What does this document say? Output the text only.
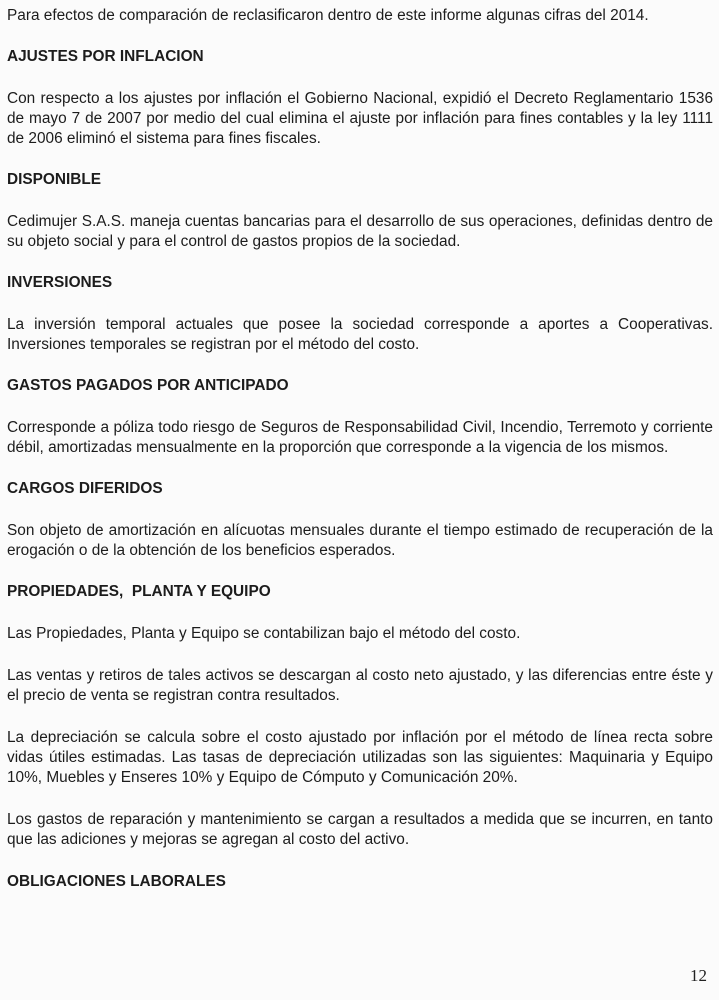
Para efectos de comparación de reclasificaron dentro de este informe algunas cifras del 2014.

AJUSTES POR INFLACION

Con respecto a los ajustes por inflación el Gobierno Nacional, expidió el Decreto Reglamentario 1536 de mayo 7 de 2007 por medio del cual elimina el ajuste por inflación para fines contables y la ley 1111 de 2006 eliminó el sistema para fines fiscales.

DISPONIBLE

Cedimujer S.A.S. maneja cuentas bancarias para el desarrollo de sus operaciones, definidas dentro de su objeto social y para el control de gastos propios de la sociedad.

INVERSIONES

La inversión temporal actuales que posee la sociedad corresponde a aportes a Cooperativas. Inversiones temporales se registran por el método del costo.

GASTOS PAGADOS POR ANTICIPADO

Corresponde a póliza todo riesgo de Seguros de Responsabilidad Civil, Incendio, Terremoto y corriente débil, amortizadas mensualmente en la proporción que corresponde a la vigencia de los mismos.

CARGOS DIFERIDOS

Son objeto de amortización en alícuotas mensuales durante el tiempo estimado de recuperación de la erogación o de la obtención de los beneficios esperados.

PROPIEDADES,  PLANTA Y EQUIPO

Las Propiedades, Planta y Equipo se contabilizan bajo el método del costo.

Las ventas y retiros de tales activos se descargan al costo neto ajustado, y las diferencias entre éste y el precio de venta se registran contra resultados.

La depreciación se calcula sobre el costo ajustado por inflación por el método de línea recta sobre vidas útiles estimadas. Las tasas de depreciación utilizadas son las siguientes: Maquinaria y Equipo 10%, Muebles y Enseres 10% y Equipo de Cómputo y Comunicación 20%.

Los gastos de reparación y mantenimiento se cargan a resultados a medida que se incurren, en tanto que las adiciones y mejoras se agregan al costo del activo.

OBLIGACIONES LABORALES
12
